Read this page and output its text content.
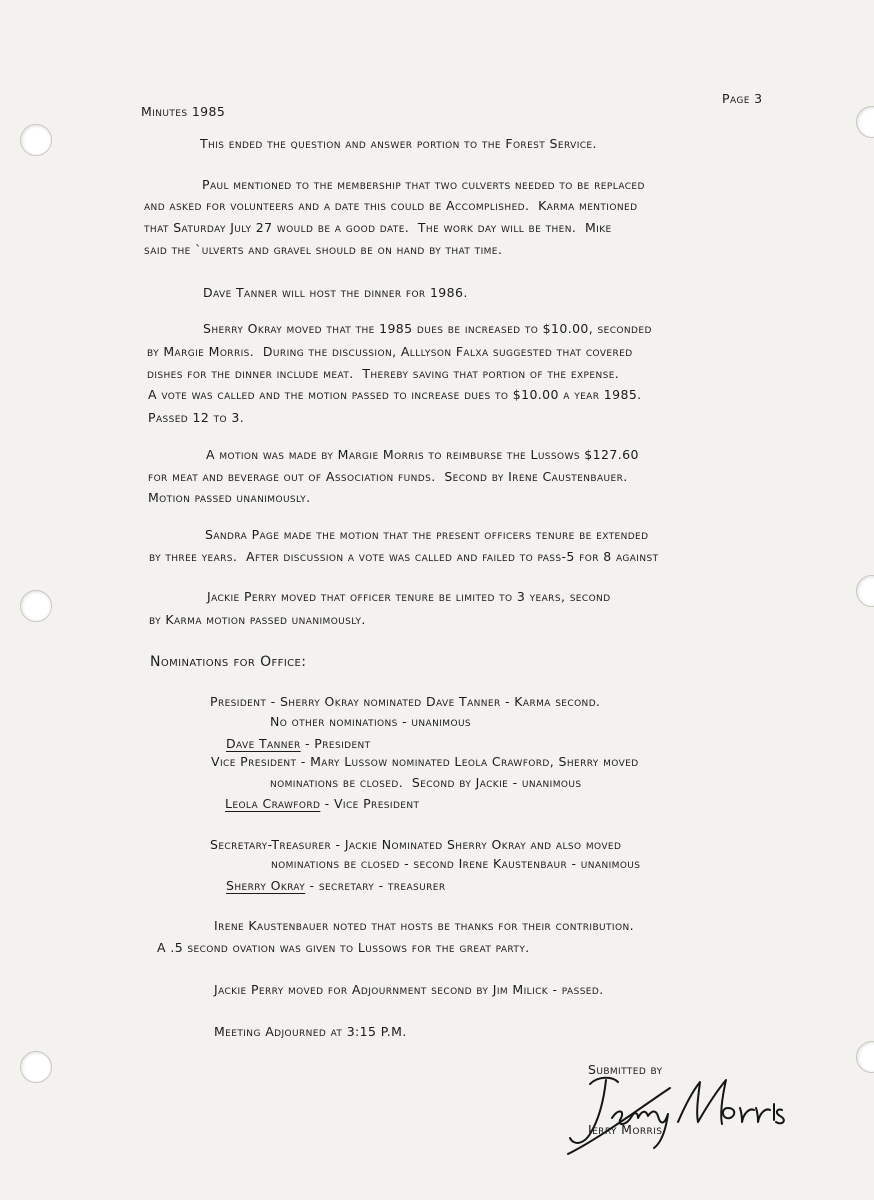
Minutes 1985
Page 3
This ended the question and answer portion to the Forest Service.
Paul mentioned to the membership that two culverts needed to be replaced
and asked for volunteers and a date this could be Accomplished.  Karma mentioned
that Saturday July 27 would be a good date.  The work day will be then.  Mike
said the `ulverts and gravel should be on hand by that time.
Dave Tanner will host the dinner for 1986.
Sherry Okray moved that the 1985 dues be increased to $10.00, seconded
by Margie Morris.  During the discussion, Alllyson Falxa suggested that covered
dishes for the dinner include meat.  Thereby saving that portion of the expense.
A vote was called and the motion passed to increase dues to $10.00 a year 1985.
Passed 12 to 3.
A motion was made by Margie Morris to reimburse the Lussows $127.60
for meat and beverage out of Association funds.  Second by Irene Caustenbauer.
Motion passed unanimously.
Sandra Page made the motion that the present officers tenure be extended
by three years.  After discussion a vote was called and failed to pass-5 for 8 against
Jackie Perry moved that officer tenure be limited to 3 years, second
by Karma motion passed unanimously.
Nominations for Office:
President - Sherry Okray nominated Dave Tanner - Karma second.
No other nominations - unanimous
Dave Tanner - President
Vice President - Mary Lussow nominated Leola Crawford, Sherry moved
nominations be closed.  Second by Jackie - unanimous
Leola Crawford - Vice President
Secretary-Treasurer - Jackie Nominated Sherry Okray and also moved
nominations be closed - second Irene Kaustenbaur - unanimous
Sherry Okray - secretary - treasurer
Irene Kaustenbauer noted that hosts be thanks for their contribution.
A .5 second ovation was given to Lussows for the great party.
Jackie Perry moved for Adjournment second by Jim Milick - passed.
Meeting Adjourned at 3:15 P.M.
Submitted by
Jerry Morris
